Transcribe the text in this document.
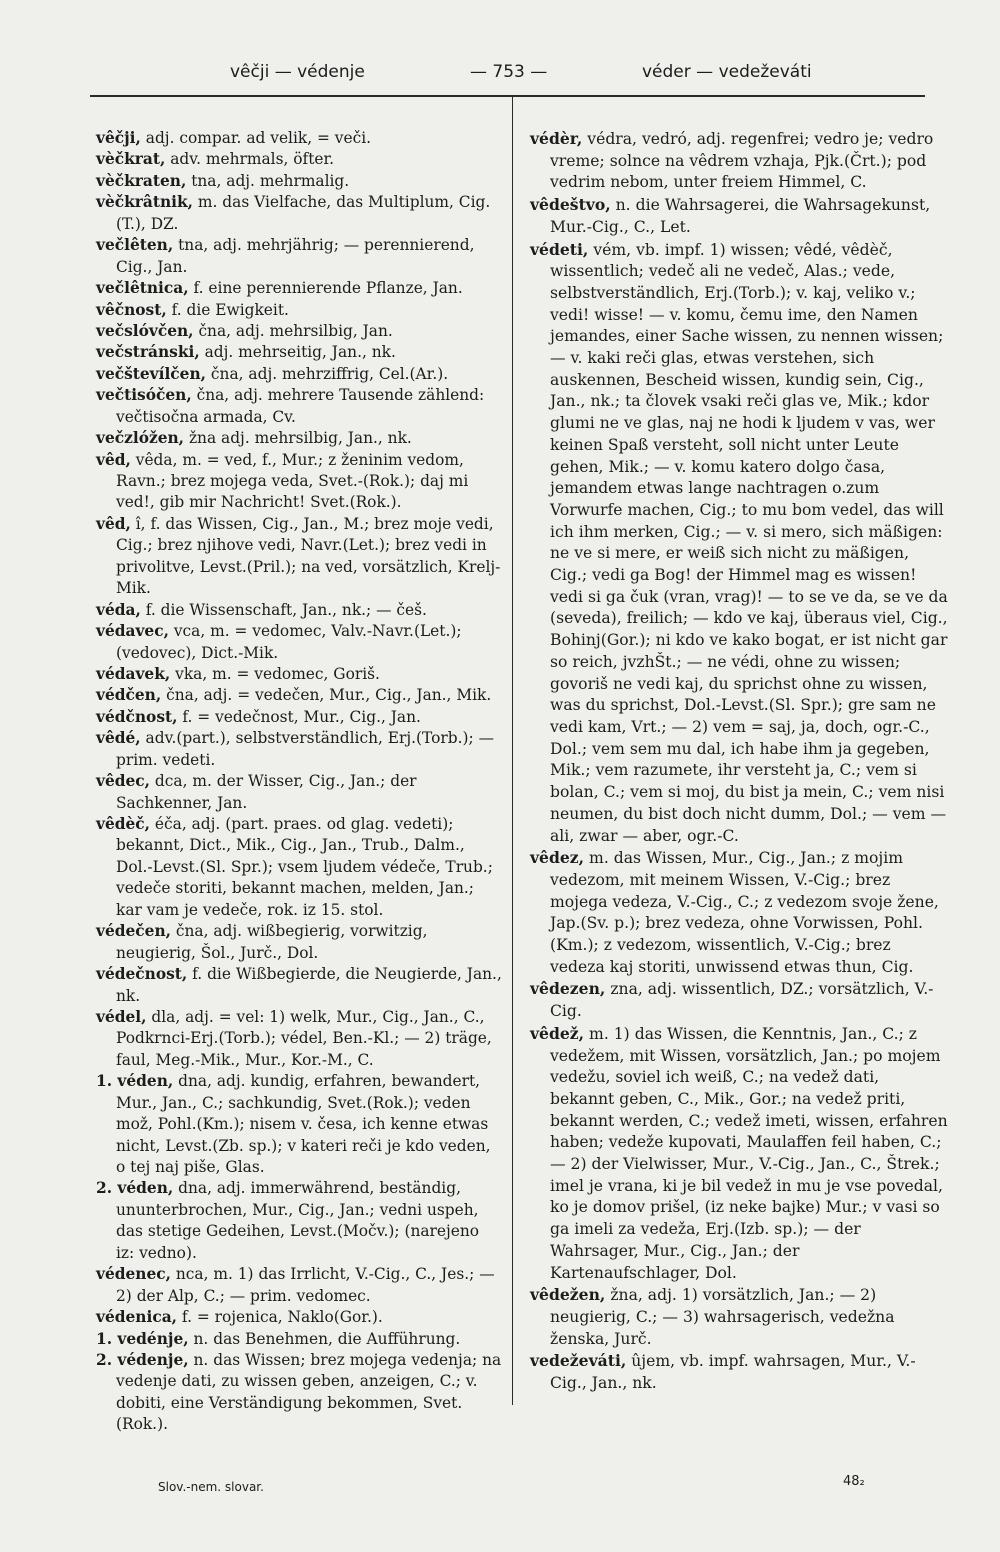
vêčji — védenje	— 753 —	véder — vedeževáti

vêčji, adj. compar. ad velik, = veči.

vèčkrat, adv. mehrmals, öfter.

vèčkraten, tna, adj. mehrmalig.

vèčkrâtnik, m. das Vielfache, das Multiplum, Cig.(T.), DZ.

večlêten, tna, adj. mehrjährig; — perennierend, Cig., Jan.

večlêtnica, f. eine perennierende Pflanze, Jan.

vêčnost, f. die Ewigkeit.

večslóvčen, čna, adj. mehrsilbig, Jan.

večstránski, adj. mehrseitig, Jan., nk.

večštevílčen, čna, adj. mehrziffrig, Cel.(Ar.).

večtisóčen, čna, adj. mehrere Tausende zählend: večtisočna armada, Cv.

večzlóžen, žna adj. mehrsilbig, Jan., nk.

vêd, vêda, m. = ved, f., Mur.; z ženinim vedom, Ravn.; brez mojega veda, Svet.-(Rok.); daj mi ved!, gib mir Nachricht! Svet.(Rok.).

vêd, î, f. das Wissen, Cig., Jan., M.; brez moje vedi, Cig.; brez njihove vedi, Navr.(Let.); brez vedi in privolitve, Levst.(Pril.); na ved, vorsätzlich, Krelj-Mik.

véda, f. die Wissenschaft, Jan., nk.; — češ.

védavec, vca, m. = vedomec, Valv.-Navr.(Let.); (vedovec), Dict.-Mik.

védavek, vka, m. = vedomec, Goriš.

védčen, čna, adj. = vedečen, Mur., Cig., Jan., Mik.

védčnost, f. = vedečnost, Mur., Cig., Jan.

vêdé, adv.(part.), selbstverständlich, Erj.(Torb.); — prim. vedeti.

vêdec, dca, m. der Wisser, Cig., Jan.; der Sachkenner, Jan.

vêdèč, éča, adj. (part. praes. od glag. vedeti); bekannt, Dict., Mik., Cig., Jan., Trub., Dalm., Dol.-Levst.(Sl. Spr.); vsem ljudem védeče, Trub.; vedeče storiti, bekannt machen, melden, Jan.; kar vam je vedeče, rok. iz 15. stol.

védečen, čna, adj. wißbegierig, vorwitzig, neugierig, Šol., Jurč., Dol.

védečnost, f. die Wißbegierde, die Neugierde, Jan., nk.

védel, dla, adj. = vel: 1) welk, Mur., Cig., Jan., C., Podkrnci-Erj.(Torb.); védel, Ben.-Kl.; — 2) träge, faul, Meg.-Mik., Mur., Kor.-M., C.

1. véden, dna, adj. kundig, erfahren, bewandert, Mur., Jan., C.; sachkundig, Svet.(Rok.); veden mož, Pohl.(Km.); nisem v. česa, ich kenne etwas nicht, Levst.(Zb. sp.); v kateri reči je kdo veden, o tej naj piše, Glas.

2. véden, dna, adj. immerwährend, beständig, ununterbrochen, Mur., Cig., Jan.; vedni uspeh, das stetige Gedeihen, Levst.(Močv.); (narejeno iz: vedno).

védenec, nca, m. 1) das Irrlicht, V.-Cig., C., Jes.; — 2) der Alp, C.; — prim. vedomec.

védenica, f. = rojenica, Naklo(Gor.).

1. vedénje, n. das Benehmen, die Aufführung.

2. védenje, n. das Wissen; brez mojega vedenja; na vedenje dati, zu wissen geben, anzeigen, C.; v. dobiti, eine Verständigung bekommen, Svet.(Rok.).

védèr, védra, vedró, adj. regenfrei; vedro je; vedro vreme; solnce na vêdrem vzhaja, Pjk.(Črt.); pod vedrim nebom, unter freiem Himmel, C.

vêdeštvo, n. die Wahrsagerei, die Wahrsagekunst, Mur.-Cig., C., Let.

védeti, vém, vb. impf. 1) wissen; vêdé, vêdèč, wissentlich; vedeč ali ne vedeč, Alas.; vede, selbstverständlich, Erj.(Torb.); v. kaj, veliko v.; vedi! wisse! — v. komu, čemu ime, den Namen jemandes, einer Sache wissen, zu nennen wissen; — v. kaki reči glas, etwas verstehen, sich auskennen, Bescheid wissen, kundig sein, Cig., Jan., nk.; ta človek vsaki reči glas ve, Mik.; kdor glumi ne ve glas, naj ne hodi k ljudem v vas, wer keinen Spaß versteht, soll nicht unter Leute gehen, Mik.; — v. komu katero dolgo časa, jemandem etwas lange nachtragen o.zum Vorwurfe machen, Cig.; to mu bom vedel, das will ich ihm merken, Cig.; — v. si mero, sich mäßigen: ne ve si mere, er weiß sich nicht zu mäßigen, Cig.; vedi ga Bog! der Himmel mag es wissen! vedi si ga čuk (vran, vrag)! — to se ve da, se ve da (seveda), freilich; — kdo ve kaj, überaus viel, Cig., Bohinj(Gor.); ni kdo ve kako bogat, er ist nicht gar so reich, jvzhŠt.; — ne védi, ohne zu wissen; govoriš ne vedi kaj, du sprichst ohne zu wissen, was du sprichst, Dol.-Levst.(Sl. Spr.); gre sam ne vedi kam, Vrt.; — 2) vem = saj, ja, doch, ogr.-C., Dol.; vem sem mu dal, ich habe ihm ja gegeben, Mik.; vem razumete, ihr versteht ja, C.; vem si bolan, C.; vem si moj, du bist ja mein, C.; vem nisi neumen, du bist doch nicht dumm, Dol.; — vem — ali, zwar — aber, ogr.-C.

vêdez, m. das Wissen, Mur., Cig., Jan.; z mojim vedezom, mit meinem Wissen, V.-Cig.; brez mojega vedeza, V.-Cig., C.; z vedezom svoje žene, Jap.(Sv. p.); brez vedeza, ohne Vorwissen, Pohl.(Km.); z vedezom, wissentlich, V.-Cig.; brez vedeza kaj storiti, unwissend etwas thun, Cig.

vêdezen, zna, adj. wissentlich, DZ.; vorsätzlich, V.-Cig.

vêdež, m. 1) das Wissen, die Kenntnis, Jan., C.; z vedežem, mit Wissen, vorsätzlich, Jan.; po mojem vedežu, soviel ich weiß, C.; na vedež dati, bekannt geben, C., Mik., Gor.; na vedež priti, bekannt werden, C.; vedež imeti, wissen, erfahren haben; vedeže kupovati, Maulaffen feil haben, C.; — 2) der Vielwisser, Mur., V.-Cig., Jan., C., Štrek.; imel je vrana, ki je bil vedež in mu je vse povedal, ko je domov prišel, (iz neke bajke) Mur.; v vasi so ga imeli za vedeža, Erj.(Izb. sp.); — der Wahrsager, Mur., Cig., Jan.; der Kartenaufschlager, Dol.

vêdežen, žna, adj. 1) vorsätzlich, Jan.; — 2) neugierig, C.; — 3) wahrsagerisch, vedežna ženska, Jurč.

vedeževáti, ûjem, vb. impf. wahrsagen, Mur., V.-Cig., Jan., nk.

Slov.-nem. slovar.	48₂
